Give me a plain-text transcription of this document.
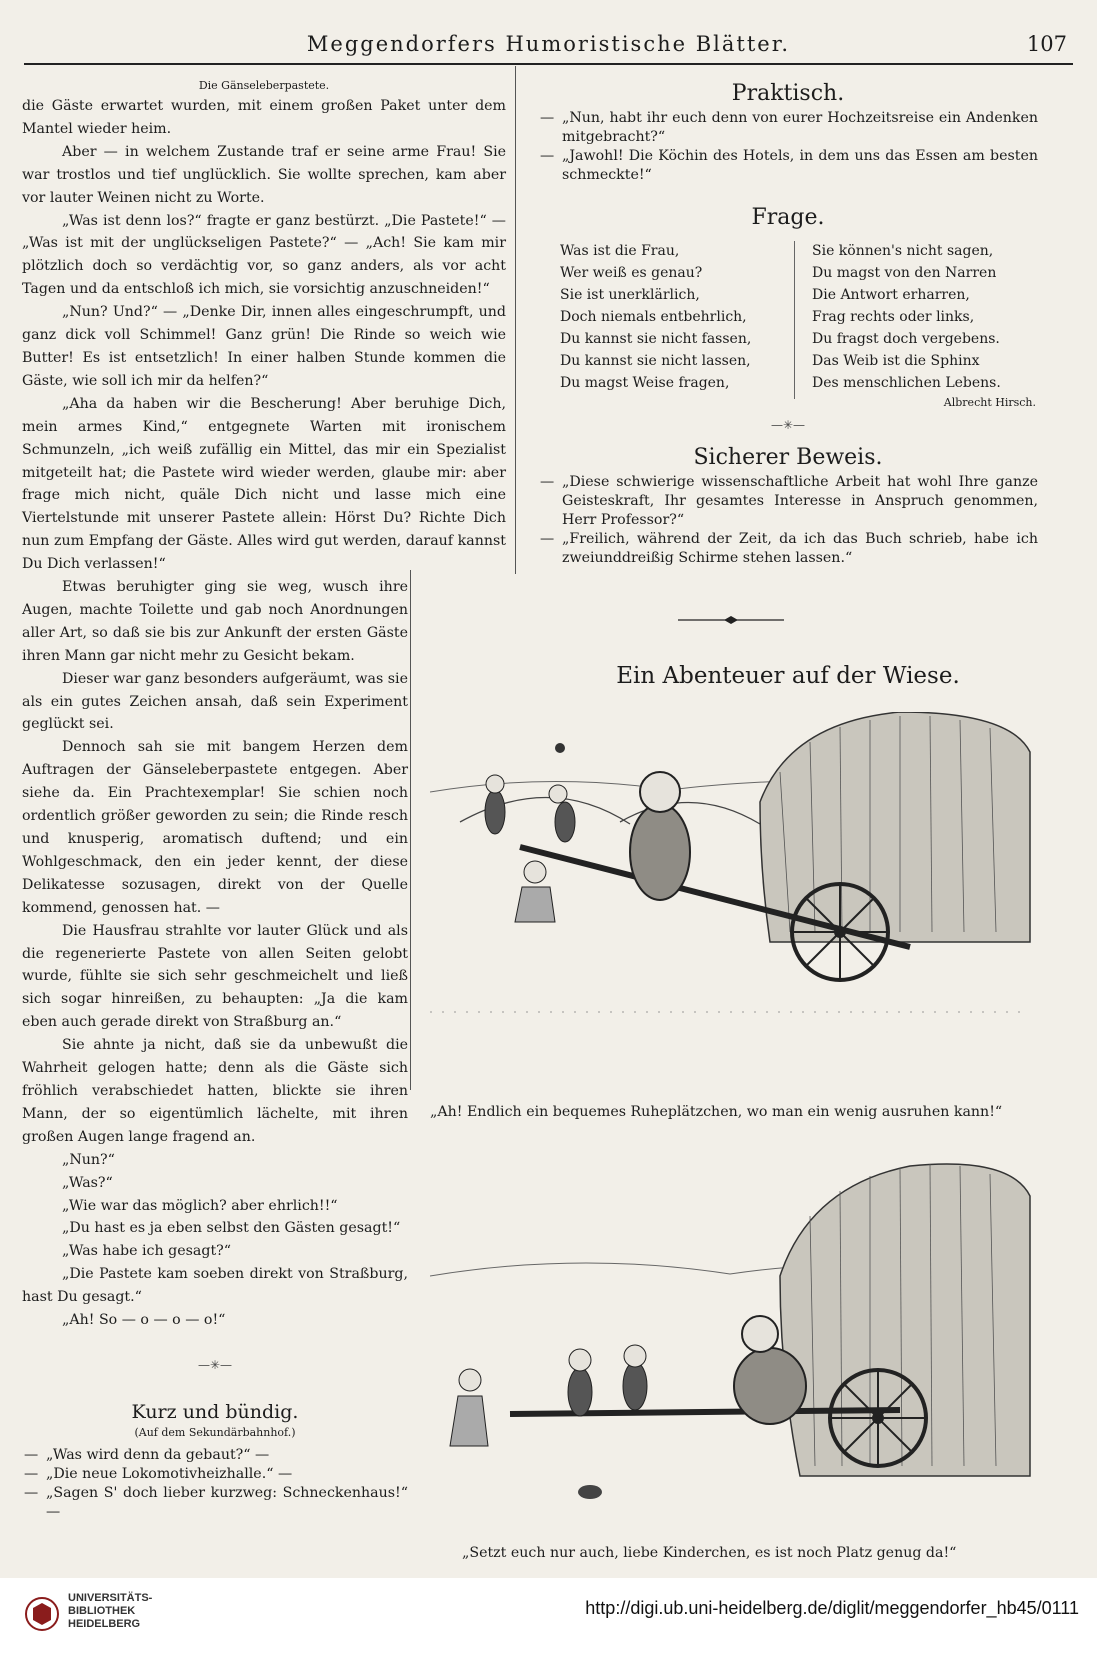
Meggendorfers Humoristische Blätter.	107
Die Gänseleberpastete.

die Gäste erwartet wurden, mit einem großen Paket unter dem Mantel wieder heim.

Aber — in welchem Zustande traf er seine arme Frau! Sie war trostlos und tief unglücklich. Sie wollte sprechen, kam aber vor lauter Weinen nicht zu Worte.

„Was ist denn los?“ fragte er ganz bestürzt. „Die Pastete!“ — „Was ist mit der unglückseligen Pastete?“ — „Ach! Sie kam mir plötzlich doch so verdächtig vor, so ganz anders, als vor acht Tagen und da entschloß ich mich, sie vorsichtig anzuschneiden!“

„Nun? Und?“ — „Denke Dir, innen alles eingeschrumpft, und ganz dick voll Schimmel! Ganz grün! Die Rinde so weich wie Butter! Es ist entsetzlich! In einer halben Stunde kommen die Gäste, wie soll ich mir da helfen?“

„Aha da haben wir die Bescherung! Aber beruhige Dich, mein armes Kind,“ entgegnete Warten mit ironischem Schmunzeln, „ich weiß zufällig ein Mittel, das mir ein Spezialist mitgeteilt hat; die Pastete wird wieder werden, glaube mir: aber frage mich nicht, quäle Dich nicht und lasse mich eine Viertelstunde mit unserer Pastete allein: Hörst Du? Richte Dich nun zum Empfang der Gäste. Alles wird gut werden, darauf kannst Du Dich verlassen!“

Etwas beruhigter ging sie weg, wusch ihre Augen, machte Toilette und gab noch Anordnungen aller Art, so daß sie bis zur Ankunft der ersten Gäste ihren Mann gar nicht mehr zu Gesicht bekam.

Dieser war ganz besonders aufgeräumt, was sie als ein gutes Zeichen ansah, daß sein Experiment geglückt sei.

Dennoch sah sie mit bangem Herzen dem Auftragen der Gänseleberpastete entgegen. Aber siehe da. Ein Prachtexemplar! Sie schien noch ordentlich größer geworden zu sein; die Rinde resch und knusperig, aromatisch duftend; und ein Wohlgeschmack, den ein jeder kennt, der diese Delikatesse sozusagen, direkt von der Quelle kommend, genossen hat. —

Die Hausfrau strahlte vor lauter Glück und als die regenerierte Pastete von allen Seiten gelobt wurde, fühlte sie sich sehr geschmeichelt und ließ sich sogar hinreißen, zu behaupten: „Ja die kam eben auch gerade direkt von Straßburg an.“

Sie ahnte ja nicht, daß sie da unbewußt die Wahrheit gelogen hatte; denn als die Gäste sich fröhlich verabschiedet hatten, blickte sie ihren Mann, der so eigentümlich lächelte, mit ihren großen Augen lange fragend an.

„Nun?“

„Was?“

„Wie war das möglich? aber ehrlich!!“

„Du hast es ja eben selbst den Gästen gesagt!“

„Was habe ich gesagt?“

„Die Pastete kam soeben direkt von Straßburg, hast Du gesagt.“

„Ah! So — o — o — o!“

—✳—
Kurz und bündig.
(Auf dem Sekundärbahnhof.)
— „Was wird denn da gebaut?“ —
— „Die neue Lokomotivheizhalle.“ —
— „Sagen S' doch lieber kurzweg: Schneckenhaus!“ —
Praktisch.
— „Nun, habt ihr euch denn von eurer Hochzeitsreise ein Andenken mitgebracht?“
— „Jawohl! Die Köchin des Hotels, in dem uns das Essen am besten schmeckte!“
Frage.
Was ist die Frau,
Wer weiß es genau?
Sie ist unerklärlich,
Doch niemals entbehrlich,
Du kannst sie nicht fassen,
Du kannst sie nicht lassen,
Du magst Weise fragen,
Sie können's nicht sagen,
Du magst von den Narren
Die Antwort erharren,
Frag rechts oder links,
Du fragst doch vergebens.
Das Weib ist die Sphinx
Des menschlichen Lebens.
Albrecht Hirsch.
—✳—
Sicherer Beweis.
— „Diese schwierige wissenschaftliche Arbeit hat wohl Ihre ganze Geisteskraft, Ihr gesamtes Interesse in Anspruch genommen, Herr Professor?“
— „Freilich, während der Zeit, da ich das Buch schrieb, habe ich zweiunddreißig Schirme stehen lassen.“
Ein Abenteuer auf der Wiese.
„Ah! Endlich ein bequemes Ruheplätzchen, wo man ein wenig ausruhen kann!“
„Setzt euch nur auch, liebe Kinderchen, es ist noch Platz genug da!“
UNIVERSITÄTS-
BIBLIOTHEK
HEIDELBERG
http://digi.ub.uni-heidelberg.de/diglit/meggendorfer_hb45/0111
